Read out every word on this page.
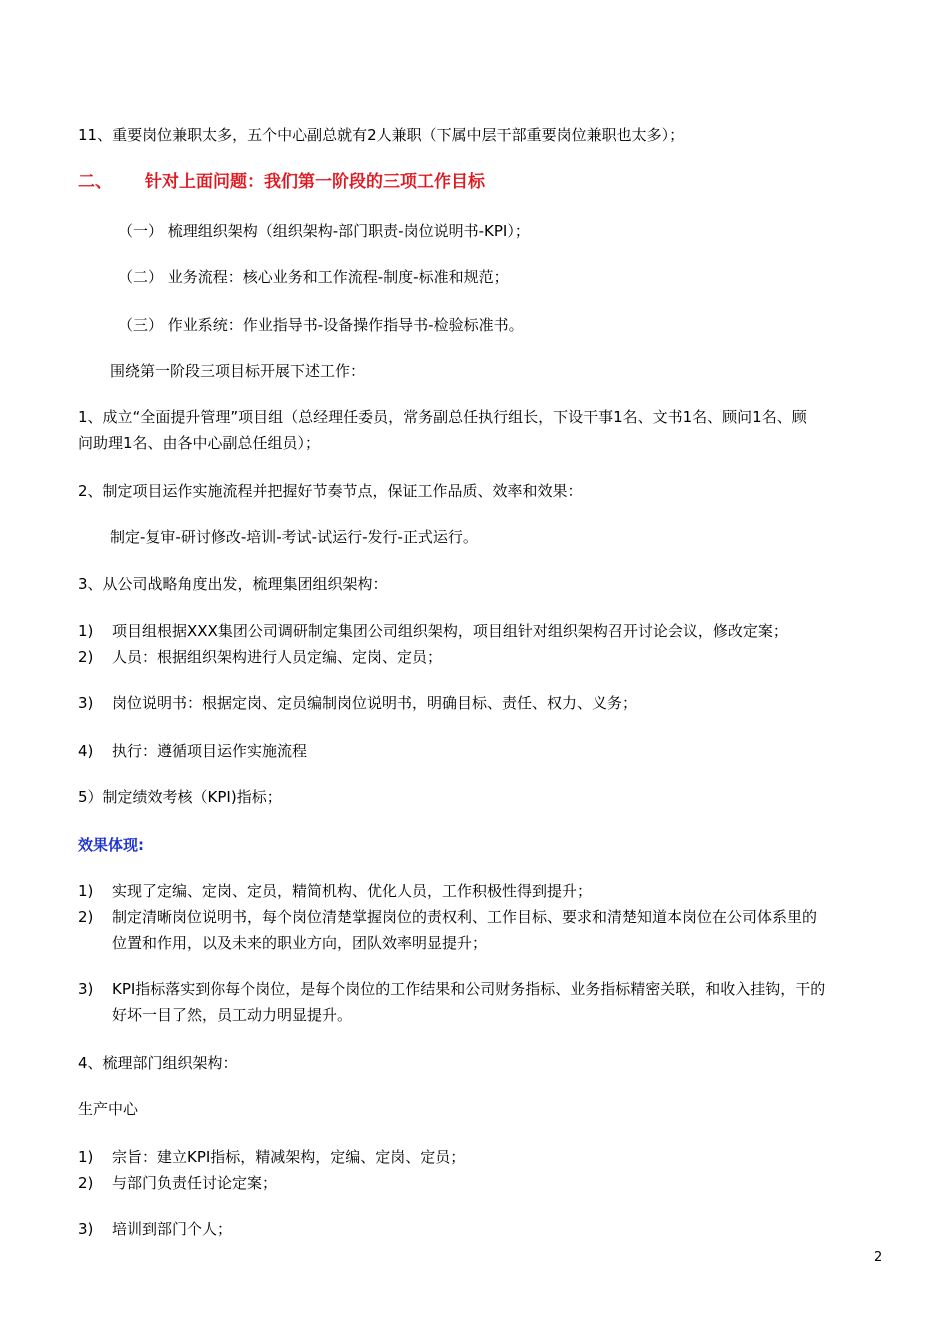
11、重要岗位兼职太多，五个中心副总就有2人兼职（下属中层干部重要岗位兼职也太多）；
二、 针对上面问题：我们第一阶段的三项工作目标
（一） 梳理组织架构（组织架构-部门职责-岗位说明书-KPI）；
（二） 业务流程：核心业务和工作流程-制度-标准和规范；
（三） 作业系统：作业指导书-设备操作指导书-检验标准书。
围绕第一阶段三项目标开展下述工作：
1、成立“全面提升管理”项目组（总经理任委员，常务副总任执行组长，下设干事1名、文书1名、顾问1名、顾
问助理1名、由各中心副总任组员）；
2、制定项目运作实施流程并把握好节奏节点，保证工作品质、效率和效果：
制定-复审-研讨修改-培训-考试-试运行-发行-正式运行。
3、从公司战略角度出发，梳理集团组织架构：
1) 项目组根据XXX集团公司调研制定集团公司组织架构，项目组针对组织架构召开讨论会议，修改定案；
2) 人员：根据组织架构进行人员定编、定岗、定员；
3) 岗位说明书：根据定岗、定员编制岗位说明书，明确目标、责任、权力、义务；
4) 执行：遵循项目运作实施流程
5）制定绩效考核（KPI)指标；
效果体现:
1) 实现了定编、定岗、定员，精简机构、优化人员，工作积极性得到提升；
2) 制定清晰岗位说明书，每个岗位清楚掌握岗位的责权利、工作目标、要求和清楚知道本岗位在公司体系里的
位置和作用，以及未来的职业方向，团队效率明显提升；
3) KPI指标落实到你每个岗位，是每个岗位的工作结果和公司财务指标、业务指标精密关联，和收入挂钩，干的
好坏一目了然，员工动力明显提升。
4、梳理部门组织架构：
生产中心
1) 宗旨：建立KPI指标，精减架构，定编、定岗、定员；
2) 与部门负责任讨论定案；
3) 培训到部门个人；
2
